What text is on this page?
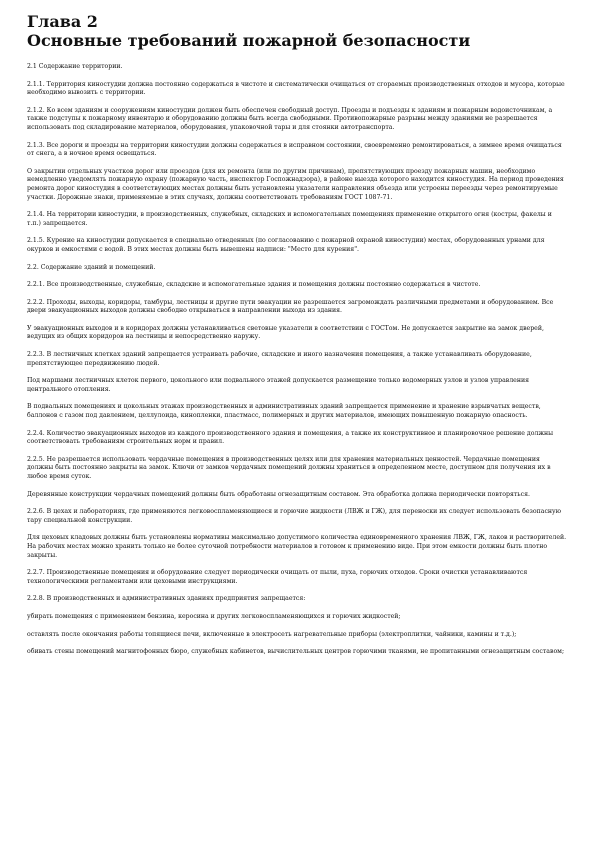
Глава 2
Основные требований пожарной безопасности

2.1 Содержание территории.

2.1.1. Территория киностудии должна постоянно содержаться в чистоте и систематически очищаться от сгораемых производственных отходов и мусора, которые необходимо вывозить с территории.

2.1.2. Ко всем зданиям и сооружениям киностудии должен быть обеспечен свободный доступ. Проезды и подъезды к зданиям и пожарным водоисточникам, а также подступы к пожарному инвентарю и оборудованию должны быть всегда свободными. Противопожарные разрывы между зданиями не разрешается использовать под складирование материалов, оборудования, упаковочной тары и для стоянки автотранспорта.

2.1.3. Все дороги и проезды на территории киностудии должны содержаться в исправном состоянии, своевременно ремонтироваться, а зимнее время очищаться от снега, а в ночное время освещаться.

О закрытии отдельных участков дорог или проездов (для их ремонта (или по другим причинам), препятствующих проезду пожарных машин, необходимо немедленно уведомлять пожарную охрану (пожарную часть, инспектор Госпожнадзора), в районе выезда которого находится киностудия. На период проведения ремонта дорог киностудия в соответствующих местах должны быть установлены указатели направления объезда или устроены переезды через ремонтируемые участки. Дорожные знаки, применяемые в этих случаях, должны соответствовать требованиям ГОСТ 1087-71.

2.1.4. На территории киностудии, в производственных, служебных, складских и вспомогательных помещениях применение открытого огня (костры, факелы и т.п.) запрещается.

2.1.5. Курение на киностудии допускается в специально отведенных (по согласованию с пожарной охраной киностудии) местах, оборудованных урнами для окурков и емкостями с водой. В этих местах должны быть вывешены надписи: "Место для курения".

2.2. Содержание зданий и помещений.

2.2.1. Все производственные, служебные, складские и вспомогательные здания и помещения должны постоянно содержаться в чистоте.

2.2.2. Проходы, выходы, коридоры, тамбуры, лестницы и другие пути эвакуации не разрешается загромождать различными предметами и оборудованием. Все двери эвакуационных выходов должны свободно открываться в направлении выхода из здания.

У эвакуационных выходов и в коридорах должны устанавливаться световые указатели в соответствии с ГОСТом. Не допускается закрытие на замок дверей, ведущих из общих коридоров на лестницы и непосредственно наружу.

2.2.3. В лестничных клетках зданий запрещается устраивать рабочие, складские и иного назначения помещения, а также устанавливать оборудование, препятствующее передвижению людей.

Под маршами лестничных клеток первого, цокольного или подвального этажей допускается размещение только водомерных узлов и узлов управления центрального отопления.

В подвальных помещениях и цокольных этажах производственных и административных зданий запрещается применение и хранение взрывчатых веществ, баллонов с газом под давлением, целлулоида, кинопленки, пластмасс, полимерных и других материалов, имеющих повышенную пожарную опасность.

2.2.4. Количество эвакуационных выходов из каждого производственного здания и помещения, а также их конструктивное и планировочное решение должны соответствовать требованиям строительных норм и правил.

2.2.5. Не разрешается использовать чердачные помещения в производственных целях или для хранения материальных ценностей. Чердачные помещения должны быть постоянно закрыты на замок. Ключи от замков чердачных помещений должны храниться в определенном месте, доступном для получения их в любое время суток.

Деревянные конструкции чердачных помещений должны быть обработаны огнезащитным составом. Эта обработка должна периодически повторяться.

2.2.6. В цехах и лабораториях, где применяются легковоспламеняющиеся и горючие жидкости (ЛВЖ и ГЖ), для переноски их следует использовать безопасную тару специальной конструкции.

Для цеховых кладовых должны быть установлены нормативы максимально допустимого количества единовременного хранения ЛВЖ, ГЖ, лаков и растворителей. На рабочих местах можно хранить только не более суточной потребности материалов в готовом к применению виде. При этом емкости должны быть плотно закрыты.

2.2.7. Производственные помещения и оборудование следует периодически очищать от пыли, пуха, горючих отходов. Сроки очистки устанавливаются технологическими регламентами или цеховыми инструкциями.

2.2.8. В производственных и административных зданиях предприятия запрещается:

убирать помещения с применением бензина, керосина и других легковоспламеняющихся и горючих жидкостей;

оставлять после окончания работы топящиеся печи, включенные в электросеть нагревательные приборы (электроплитки, чайники, камины и т.д.);

обивать стены помещений магнитофонных бюро, служебных кабинетов, вычислительных центров горючими тканями, не пропитанными огнезащитным составом;
